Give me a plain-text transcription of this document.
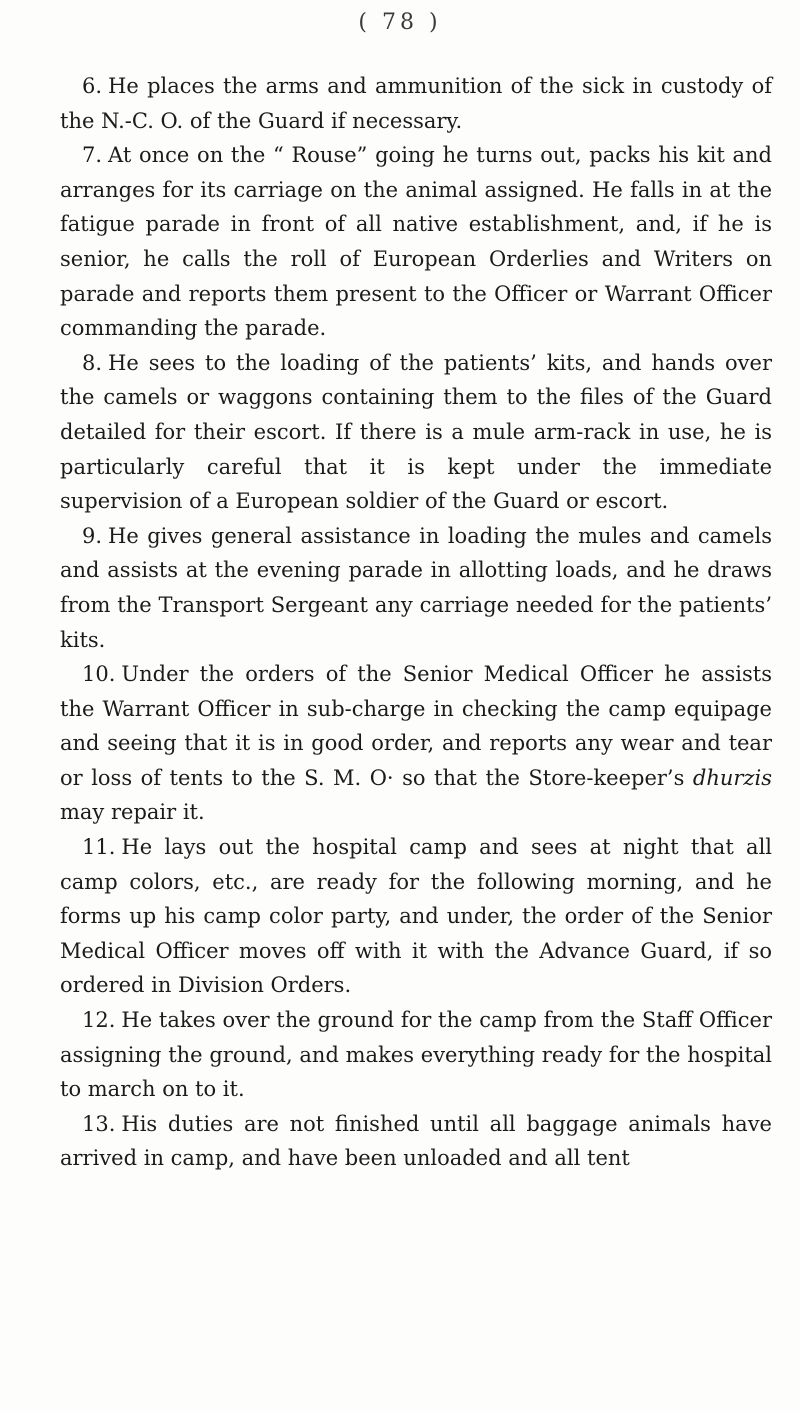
( 78 )

6. He places the arms and ammunition of the sick in custody of the N.-C. O. of the Guard if necessary.

7. At once on the “ Rouse” going he turns out, packs his kit and arranges for its carriage on the animal assigned. He falls in at the fatigue parade in front of all native establishment, and, if he is senior, he calls the roll of European Orderlies and Writers on parade and reports them present to the Officer or Warrant Officer commanding the parade.

8. He sees to the loading of the patients’ kits, and hands over the camels or waggons containing them to the files of the Guard detailed for their escort. If there is a mule arm-rack in use, he is particularly careful that it is kept under the immediate supervision of a European soldier of the Guard or escort.

9. He gives general assistance in loading the mules and camels and assists at the evening parade in allotting loads, and he draws from the Transport Sergeant any carriage needed for the patients’ kits.

10. Under the orders of the Senior Medical Officer he assists the Warrant Officer in sub-charge in checking the camp equipage and seeing that it is in good order, and reports any wear and tear or loss of tents to the S. M. O· so that the Store-keeper’s dhurzis may repair it.

11. He lays out the hospital camp and sees at night that all camp colors, etc., are ready for the following morning, and he forms up his camp color party, and under, the order of the Senior Medical Officer moves off with it with the Advance Guard, if so ordered in Division Orders.

12. He takes over the ground for the camp from the Staff Officer assigning the ground, and makes everything ready for the hospital to march on to it.

13. His duties are not finished until all baggage animals have arrived in camp, and have been unloaded and all tent
